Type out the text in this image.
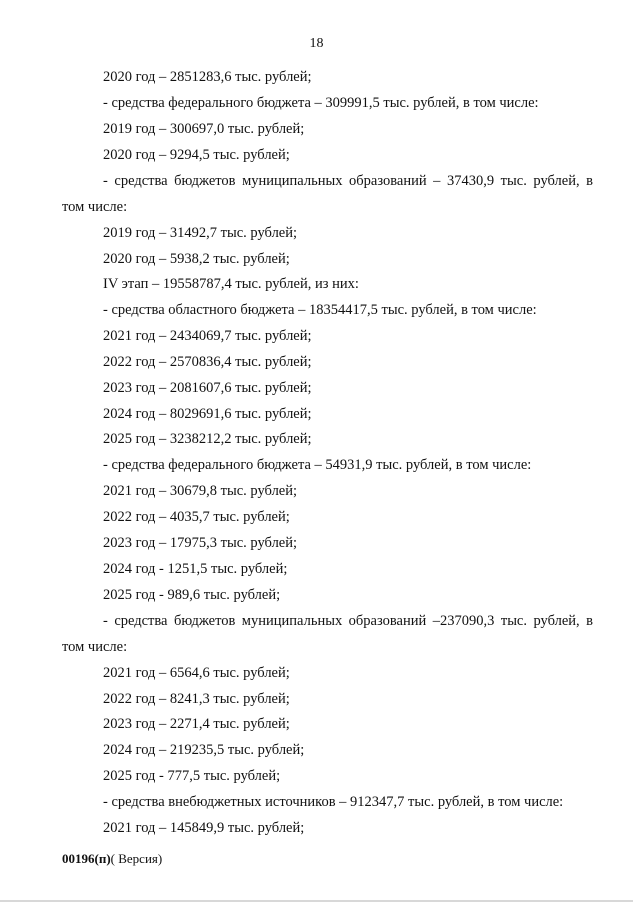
18
2020 год – 2851283,6 тыс. рублей;
- средства федерального бюджета – 309991,5 тыс. рублей, в том числе:
2019 год – 300697,0 тыс. рублей;
2020 год – 9294,5 тыс. рублей;
- средства бюджетов муниципальных образований – 37430,9 тыс. рублей, в
том числе:
2019 год – 31492,7 тыс. рублей;
2020 год – 5938,2 тыс. рублей;
IV этап – 19558787,4 тыс. рублей, из них:
- средства областного бюджета – 18354417,5 тыс. рублей, в том числе:
2021 год – 2434069,7 тыс. рублей;
2022 год – 2570836,4 тыс. рублей;
2023 год – 2081607,6 тыс. рублей;
2024 год – 8029691,6 тыс. рублей;
2025 год – 3238212,2 тыс. рублей;
- средства федерального бюджета – 54931,9 тыс. рублей, в том числе:
2021 год – 30679,8 тыс. рублей;
2022 год – 4035,7 тыс. рублей;
2023 год – 17975,3 тыс. рублей;
2024 год - 1251,5 тыс. рублей;
2025 год - 989,6 тыс. рублей;
- средства бюджетов муниципальных образований –237090,3 тыс. рублей, в
том числе:
2021 год – 6564,6 тыс. рублей;
2022 год – 8241,3 тыс. рублей;
2023 год – 2271,4 тыс. рублей;
2024 год – 219235,5 тыс. рублей;
2025 год - 777,5 тыс. рублей;
- средства внебюджетных источников – 912347,7 тыс. рублей, в том числе:
2021 год – 145849,9 тыс. рублей;
00196(п)( Версия)
